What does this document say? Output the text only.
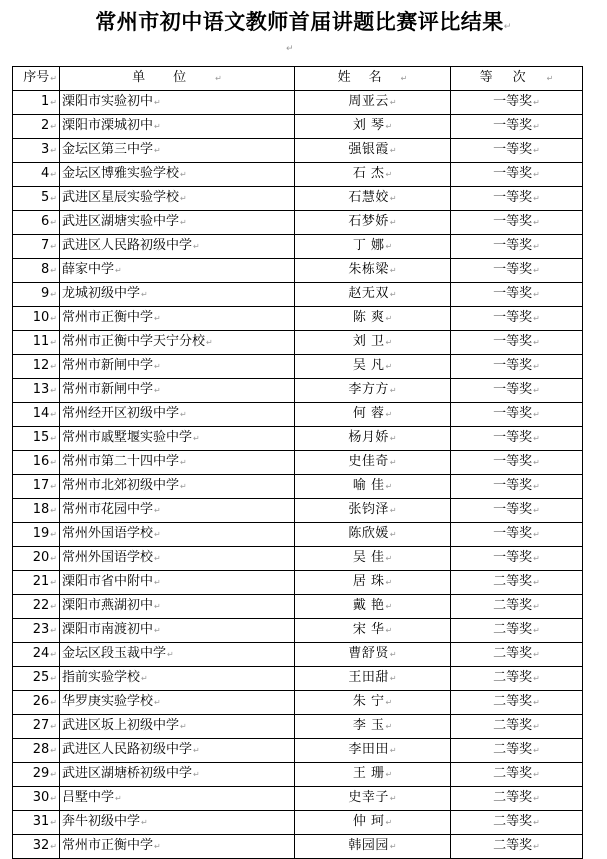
常州市初中语文教师首届讲题比赛评比结果↵
↵
序号↵	单位↵	姓名↵	等次↵
1↵	溧阳市实验初中↵	周亚云↵	一等奖↵
2↵	溧阳市溧城初中↵	刘 琴↵	一等奖↵
3↵	金坛区第三中学↵	强银霞↵	一等奖↵
4↵	金坛区博雅实验学校↵	石 杰↵	一等奖↵
5↵	武进区星辰实验学校↵	石慧姣↵	一等奖↵
6↵	武进区湖塘实验中学↵	石梦娇↵	一等奖↵
7↵	武进区人民路初级中学↵	丁 娜↵	一等奖↵
8↵	薛家中学↵	朱栋梁↵	一等奖↵
9↵	龙城初级中学↵	赵无双↵	一等奖↵
10↵	常州市正衡中学↵	陈 爽↵	一等奖↵
11↵	常州市正衡中学天宁分校↵	刘 卫↵	一等奖↵
12↵	常州市新闸中学↵	吴 凡↵	一等奖↵
13↵	常州市新闸中学↵	李方方↵	一等奖↵
14↵	常州经开区初级中学↵	何 蓉↵	一等奖↵
15↵	常州市戚墅堰实验中学↵	杨月娇↵	一等奖↵
16↵	常州市第二十四中学↵	史佳奇↵	一等奖↵
17↵	常州市北郊初级中学↵	喻 佳↵	一等奖↵
18↵	常州市花园中学↵	张钧泽↵	一等奖↵
19↵	常州外国语学校↵	陈欣媛↵	一等奖↵
20↵	常州外国语学校↵	吴 佳↵	一等奖↵
21↵	溧阳市省中附中↵	居 珠↵	二等奖↵
22↵	溧阳市燕湖初中↵	戴 艳↵	二等奖↵
23↵	溧阳市南渡初中↵	宋 华↵	二等奖↵
24↵	金坛区段玉裁中学↵	曹舒贤↵	二等奖↵
25↵	指前实验学校↵	王田甜↵	二等奖↵
26↵	华罗庚实验学校↵	朱 宁↵	二等奖↵
27↵	武进区坂上初级中学↵	李 玉↵	二等奖↵
28↵	武进区人民路初级中学↵	李田田↵	二等奖↵
29↵	武进区湖塘桥初级中学↵	王 珊↵	二等奖↵
30↵	吕墅中学↵	史幸子↵	二等奖↵
31↵	奔牛初级中学↵	仲 珂↵	二等奖↵
32↵	常州市正衡中学↵	韩园园↵	二等奖↵
